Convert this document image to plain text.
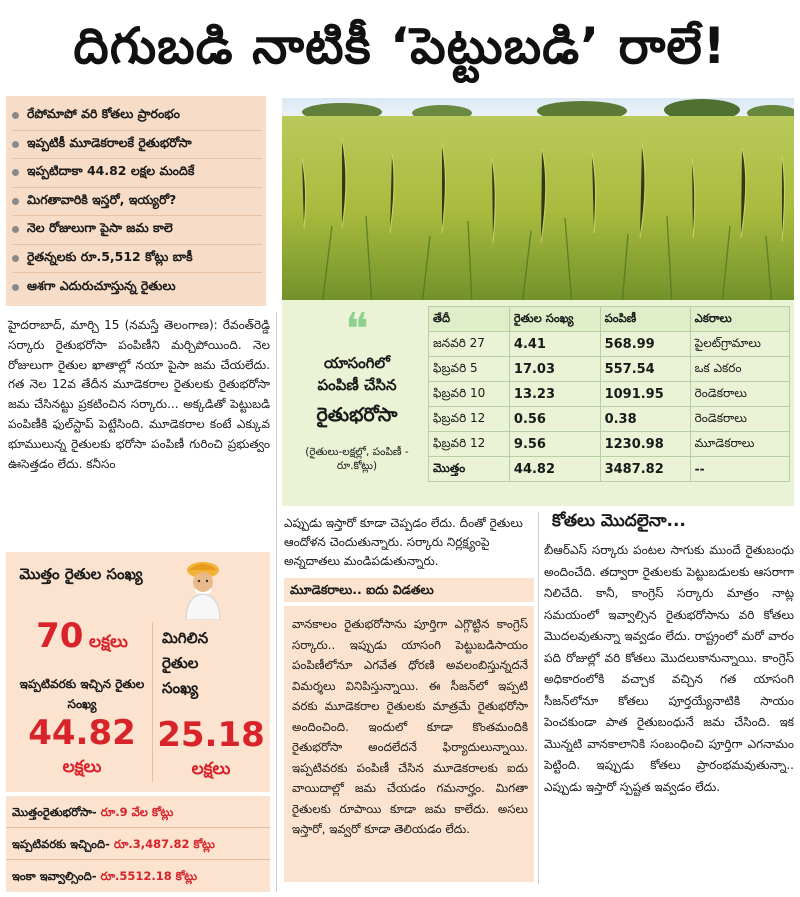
దిగుబడి నాటికీ ‘పెట్టుబడి’ రాలే!
రేపోమాపో వరి కోతలు ప్రారంభం
ఇప్పటికీ మూడెకరాలకే రైతుభరోసా
ఇప్పటిదాకా 44.82 లక్షల మందికే
మిగతావారికి ఇస్తరో, ఇయ్యరో?
నెల రోజులుగా పైసా జమ కాలె
రైతన్నలకు రూ.5,512 కోట్లు బాకీ
ఆశగా ఎదురుచూస్తున్న రైతులు
❝
యాసంగిలో
పంపిణీ చేసిన
రైతుభరోసా
(రైతులు-లక్షల్లో, పంపిణీ - రూ.కోట్లు)
తేదీ	రైతుల సంఖ్య	పంపిణీ	ఎకరాలు
జనవరి 27	4.41	568.99	పైలట్‌గ్రామాలు
ఫిబ్రవరి 5	17.03	557.54	ఒక ఎకరం
ఫిబ్రవరి 10	13.23	1091.95	రెండెకరాలు
ఫిబ్రవరి 12	0.56	0.38	రెండెకరాలు
ఫిబ్రవరి 12	9.56	1230.98	మూడెకరాలు
మొత్తం	44.82	3487.82	--
హైదరాబాద్, మార్చి 15 (నమస్తే తెలంగాణ): రేవంత్‌రెడ్డి సర్కారు రైతుభరోసా పంపిణీని మర్చిపోయింది. నెల రోజులుగా రైతుల ఖాతాల్లో నయా పైసా జమ చేయలేదు. గత నెల 12వ తేదీన మూడెకరాల రైతులకు రైతుభరోసా జమ చేసినట్టు ప్రకటించిన సర్కారు... అక్కడితో పెట్టుబడి పంపిణీకి ఫుల్‌స్టాప్ పెట్టేసింది. మూడెకరాల కంటే ఎక్కువ భూములున్న రైతులకు భరోసా పంపిణీ గురించి ప్రభుత్వం ఊసెత్తడం లేదు. కనీసం
మొత్తం రైతుల సంఖ్య
70 లక్షలు
ఇప్పటివరకు ఇచ్చిన రైతుల సంఖ్య
44.82
లక్షలు
మిగిలిన
రైతుల
సంఖ్య
25.18
లక్షలు
మొత్తంరైతుభరోసా- రూ.9 వేల కోట్లు
ఇప్పటివరకు ఇచ్చింది- రూ.3,487.82 కోట్లు
ఇంకా ఇవ్వాల్సింది- రూ.5512.18 కోట్లు
ఎప్పుడు ఇస్తారో కూడా చెప్పడం లేదు. దీంతో రైతులు ఆందోళన చెందుతున్నారు. సర్కారు నిర్లక్ష్యంపై అన్నదాతలు మండిపడుతున్నారు.
మూడెకరాలు.. ఐదు విడతలు
వానకాలం రైతుభరోసాను పూర్తిగా ఎగ్గొట్టిన కాంగ్రెస్ సర్కారు.. ఇప్పుడు యాసంగి పెట్టుబడిసాయం పంపిణీలోనూ ఎగవేత ధోరణి అవలంబిస్తున్నదనే విమర్శలు వినిపిస్తున్నాయి. ఈ సీజన్‌లో ఇప్పటి వరకు మూడెకరాల రైతులకు మాత్రమే రైతుభరోసా అందించింది. ఇందులో కూడా కొంతమందికి రైతుభరోసా అందలేదనే ఫిర్యాదులున్నాయి. ఇప్పటివరకు పంపిణీ చేసిన మూడెకరాలకు ఐదు వాయిదాల్లో జమ చేయడం గమనార్హం. మిగతా రైతులకు రూపాయి కూడా జమ కాలేదు. అసలు ఇస్తారో, ఇవ్వరో కూడా తెలియడం లేదు.
కోతలు మొదలైనా...
బీఆర్‌ఎస్ సర్కారు పంటల సాగుకు ముందే రైతుబంధు అందించేది. తద్వారా రైతులకు పెట్టుబడులకు ఆసరాగా నిలిచేది. కానీ, కాంగ్రెస్ సర్కారు మాత్రం నాట్ల సమయంలో ఇవ్వాల్సిన రైతుభరోసాను వరి కోతలు మొదలవుతున్నా ఇవ్వడం లేదు. రాష్ట్రంలో మరో వారం పది రోజుల్లో వరి కోతలు మొదలుకానున్నాయి. కాంగ్రెస్ అధికారంలోకి వచ్చాక వచ్చిన గత యాసంగి సీజన్‌లోనూ కోతలు పూర్తయ్యేనాటికి సాయం పెంచకుండా పాత రైతుబంధునే జమ చేసింది. ఇక మొన్నటి వానకాలానికి సంబంధించి పూర్తిగా ఎగనామం పెట్టింది. ఇప్పుడు కోతలు ప్రారంభమవుతున్నా.. ఎప్పుడు ఇస్తారో స్పష్టత ఇవ్వడం లేదు.
